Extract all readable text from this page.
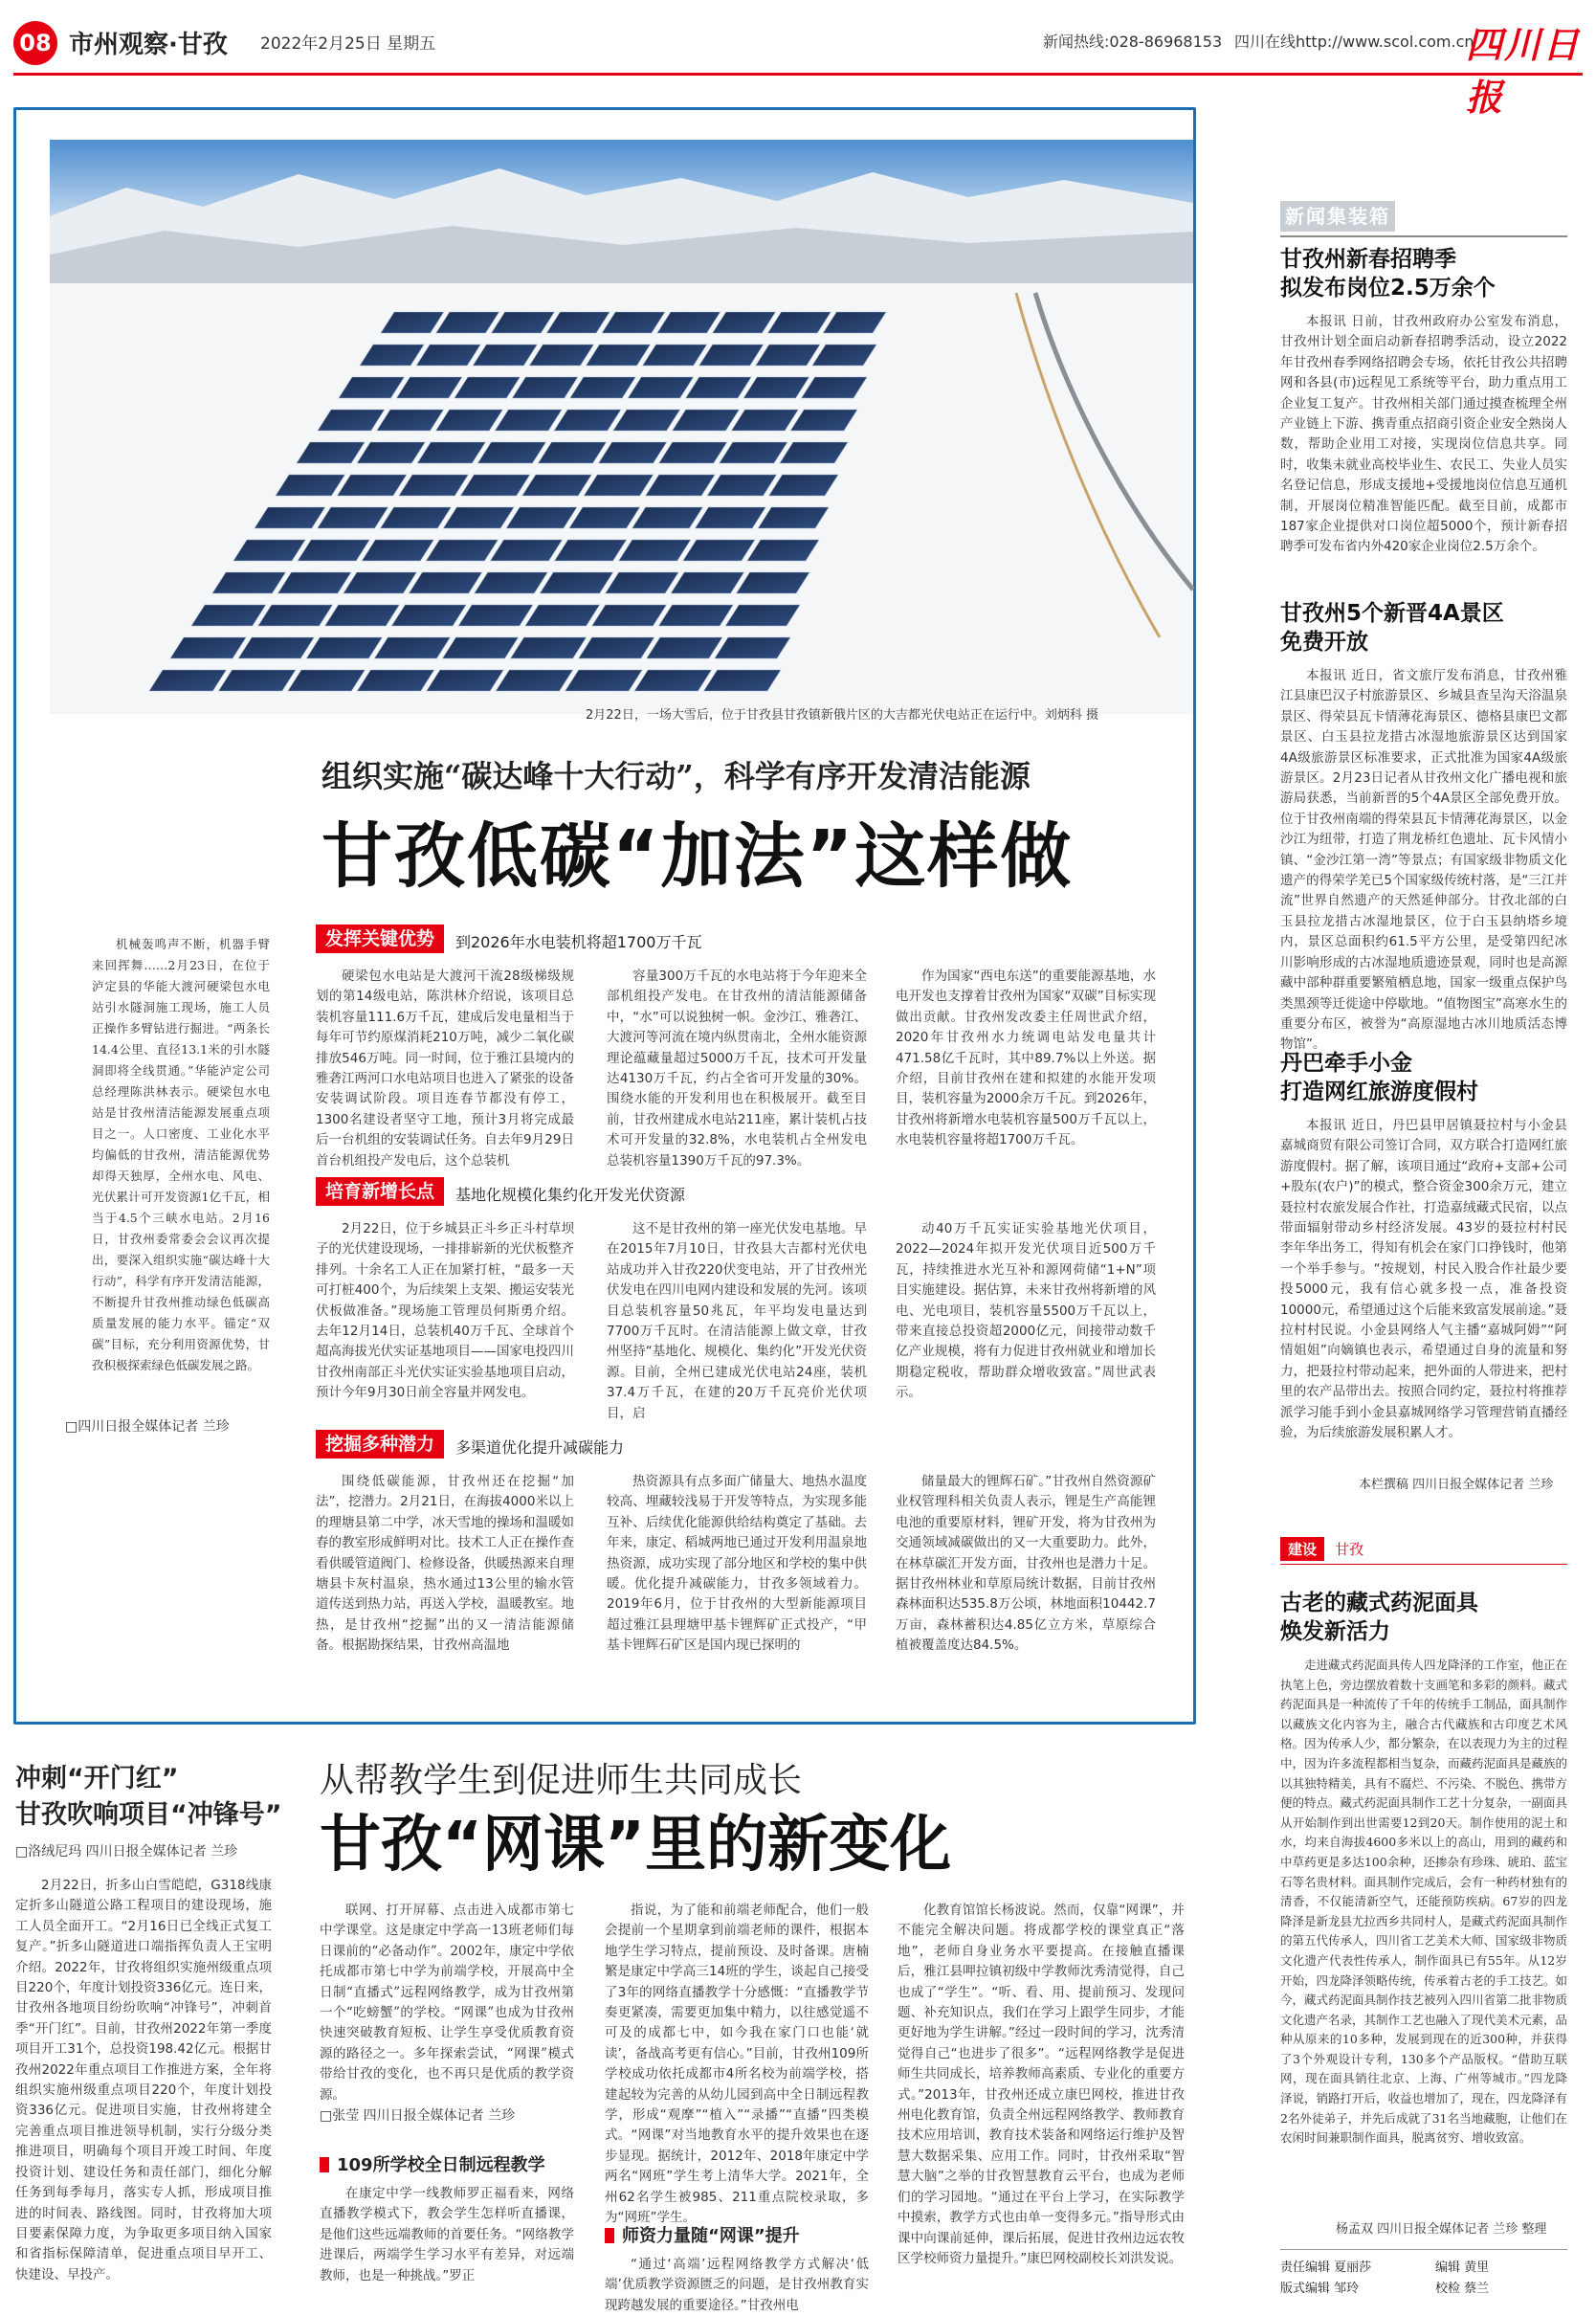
08 市州观察·甘孜 2022年2月25日 星期五	新闻热线:028-86968153 四川在线http://www.scol.com.cn
四川日报
2月22日，一场大雪后，位于甘孜县甘孜镇新俄片区的大吉都光伏电站正在运行中。刘炳科 摄
组织实施“碳达峰十大行动”，科学有序开发清洁能源
甘孜低碳“加法”这样做
机械轰鸣声不断，机器手臂来回挥舞……2月23日，在位于泸定县的华能大渡河硬梁包水电站引水隧洞施工现场，施工人员正操作多臂钻进行掘进。“两条长14.4公里、直径13.1米的引水隧洞即将全线贯通。”华能泸定公司总经理陈洪林表示。硬梁包水电站是甘孜州清洁能源发展重点项目之一。人口密度、工业化水平均偏低的甘孜州，清洁能源优势却得天独厚，全州水电、风电、光伏累计可开发资源1亿千瓦，相当于4.5个三峡水电站。2月16日，甘孜州委常委会会议再次提出，要深入组织实施“碳达峰十大行动”，科学有序开发清洁能源，不断提升甘孜州推动绿色低碳高质量发展的能力水平。锚定“双碳”目标，充分利用资源优势，甘孜积极探索绿色低碳发展之路。
□四川日报全媒体记者 兰珍
发挥关键优势	到2026年水电装机将超1700万千瓦
硬梁包水电站是大渡河干流28级梯级规划的第14级电站，陈洪林介绍说，该项目总装机容量111.6万千瓦，建成后发电量相当于每年可节约原煤消耗210万吨，减少二氧化碳排放546万吨。同一时间，位于雅江县境内的雅砻江两河口水电站项目也进入了紧张的设备安装调试阶段。项目连春节都没有停工，1300名建设者坚守工地，预计3月将完成最后一台机组的安装调试任务。自去年9月29日首台机组投产发电后，这个总装机
容量300万千瓦的水电站将于今年迎来全部机组投产发电。在甘孜州的清洁能源储备中，“水”可以说独树一帜。金沙江、雅砻江、大渡河等河流在境内纵贯南北，全州水能资源理论蕴藏量超过5000万千瓦，技术可开发量达4130万千瓦，约占全省可开发量的30%。围绕水能的开发利用也在积极展开。截至目前，甘孜州建成水电站211座，累计装机占技术可开发量的32.8%，水电装机占全州发电总装机容量1390万千瓦的97.3%。
作为国家“西电东送”的重要能源基地，水电开发也支撑着甘孜州为国家“双碳”目标实现做出贡献。甘孜州发改委主任周世武介绍，2020年甘孜州水力统调电站发电量共计471.58亿千瓦时，其中89.7%以上外送。据介绍，目前甘孜州在建和拟建的水能开发项目，装机容量为2000余万千瓦。到2026年，甘孜州将新增水电装机容量500万千瓦以上，水电装机容量将超1700万千瓦。
培育新增长点	基地化规模化集约化开发光伏资源
2月22日，位于乡城县正斗乡正斗村草坝子的光伏建设现场，一排排崭新的光伏板整齐排列。十余名工人正在加紧打桩，“最多一天可打桩400个，为后续架上支架、搬运安装光伏板做准备。”现场施工管理员何斯勇介绍。去年12月14日，总装机40万千瓦、全球首个超高海拔光伏实证基地项目——国家电投四川甘孜州南部正斗光伏实证实验基地项目启动，预计今年9月30日前全容量并网发电。
这不是甘孜州的第一座光伏发电基地。早在2015年7月10日，甘孜县大吉都村光伏电站成功并入甘孜220伏变电站，开了甘孜州光伏发电在四川电网内建设和发展的先河。该项目总装机容量50兆瓦，年平均发电量达到7700万千瓦时。在清洁能源上做文章，甘孜州坚持“基地化、规模化、集约化”开发光伏资源。目前，全州已建成光伏电站24座，装机37.4万千瓦，在建的20万千瓦亮价光伏项目，启
动40万千瓦实证实验基地光伏项目，2022—2024年拟开发光伏项目近500万千瓦，持续推进水光互补和源网荷储“1+N”项目实施建设。据估算，未来甘孜州将新增的风电、光电项目，装机容量5500万千瓦以上，带来直接总投资超2000亿元，间接带动数千亿产业规模，将有力促进甘孜州就业和增加长期稳定税收，帮助群众增收致富。”周世武表示。
挖掘多种潜力	多渠道优化提升减碳能力
围绕低碳能源，甘孜州还在挖掘“加法”，挖潜力。2月21日，在海拔4000米以上的理塘县第二中学，冰天雪地的操场和温暖如春的教室形成鲜明对比。技术工人正在操作查看供暖管道阀门、检修设备，供暖热源来自理塘县卡灰村温泉，热水通过13公里的输水管道传送到热力站，再送入学校，温暖教室。地热，是甘孜州“挖掘”出的又一清洁能源储备。根据勘探结果，甘孜州高温地
热资源具有点多面广储量大、地热水温度较高、埋藏较浅易于开发等特点，为实现多能互补、后续优化能源供给结构奠定了基础。去年来，康定、稻城两地已通过开发利用温泉地热资源，成功实现了部分地区和学校的集中供暖。优化提升减碳能力，甘孜多领域着力。2019年6月，位于甘孜州的大型新能源项目超过雅江县理塘甲基卡锂辉矿正式投产，“甲基卡锂辉石矿区是国内现已探明的
储量最大的锂辉石矿。”甘孜州自然资源矿业权管理科相关负责人表示，锂是生产高能锂电池的重要原材料，锂矿开发，将为甘孜州为交通领域减碳做出的又一大重要助力。此外，在林草碳汇开发方面，甘孜州也是潜力十足。据甘孜州林业和草原局统计数据，目前甘孜州森林面积达535.8万公顷，林地面积10442.7万亩，森林蓄积达4.85亿立方米，草原综合植被覆盖度达84.5%。
冲刺“开门红”
甘孜吹响项目“冲锋号”
□洛绒尼玛 四川日报全媒体记者 兰珍
2月22日，折多山白雪皑皑，G318线康定折多山隧道公路工程项目的建设现场，施工人员全面开工。“2月16日已全线正式复工复产。”折多山隧道进口端指挥负责人王宝明介绍。2022年，甘孜将组织实施州级重点项目220个，年度计划投资336亿元。连日来，甘孜州各地项目纷纷吹响“冲锋号”，冲刺首季“开门红”。目前，甘孜州2022年第一季度项目开工31个，总投资198.42亿元。根据甘孜州2022年重点项目工作推进方案，全年将组织实施州级重点项目220个，年度计划投资336亿元。促进项目实施，甘孜州将建全完善重点项目推进领导机制，实行分级分类推进项目，明确每个项目开竣工时间、年度投资计划、建设任务和责任部门，细化分解任务到每季每月，落实专人抓，形成项目推进的时间表、路线图。同时，甘孜将加大项目要素保障力度，为争取更多项目纳入国家和省指标保障清单，促进重点项目早开工、快建设、早投产。
从帮教学生到促进师生共同成长
甘孜“网课”里的新变化
联网、打开屏幕、点击进入成都市第七中学课堂。这是康定中学高一13班老师们每日课前的“必备动作”。2002年，康定中学依托成都市第七中学为前端学校，开展高中全日制“直播式”远程网络教学，成为甘孜州第一个“吃螃蟹”的学校。“网课”也成为甘孜州快速突破教育短板、让学生享受优质教育资源的路径之一。多年探索尝试，“网课”模式带给甘孜的变化，也不再只是优质的教学资源。
□张莹 四川日报全媒体记者 兰珍
109所学校全日制远程教学
在康定中学一线教师罗正福看来，网络直播教学模式下，教会学生怎样听直播课，是他们这些远端教师的首要任务。“网络教学进课后，两端学生学习水平有差异，对远端教师，也是一种挑战。”罗正
指说，为了能和前端老师配合，他们一般会提前一个星期拿到前端老师的课件，根据本地学生学习特点，提前预设、及时备课。唐楠繁是康定中学高三14班的学生，谈起自己接受了3年的网络直播教学十分感慨：“直播教学节奏更紧凑，需要更加集中精力，以往感觉遥不可及的成都七中，如今我在家门口也能‘就读’，备战高考更有信心。”目前，甘孜州109所学校成功依托成都市4所名校为前端学校，搭建起较为完善的从幼儿园到高中全日制远程教学，形成“观摩”“植入”“录播”“直播”四类模式。“网课”对当地教育水平的提升效果也在逐步显现。据统计，2012年、2018年康定中学两名“网班”学生考上清华大学。2021年，全州62名学生被985、211重点院校录取，多为“网班”学生。
师资力量随“网课”提升
“通过‘高端’远程网络教学方式解决‘低端’优质教学资源匮乏的问题，是甘孜州教育实现跨越发展的重要途径。”甘孜州电
化教育馆馆长杨波说。然而，仅靠“网课”，并不能完全解决问题。将成都学校的课堂真正“落地”，老师自身业务水平要提高。在接触直播课后，雅江县呷拉镇初级中学教师沈秀清觉得，自己也成了“学生”。“听、看、用、提前预习、发现问题、补充知识点，我们在学习上跟学生同步，才能更好地为学生讲解。”经过一段时间的学习，沈秀清觉得自己“也进步了很多”。“远程网络教学是促进师生共同成长，培养教师高素质、专业化的重要方式。”2013年，甘孜州还成立康巴网校，推进甘孜州电化教育馆，负责全州远程网络教学、教师教育技术应用培训，教育技术装备和网络运行维护及智慧大数据采集、应用工作。同时，甘孜州采取“智慧大脑”之举的甘孜智慧教育云平台，也成为老师们的学习园地。“通过在平台上学习，在实际教学中摸索，教学方式也由单一变得多元。”指导形式由课中向课前延伸，课后拓展，促进甘孜州边远农牧区学校师资力量提升。”康巴网校副校长刘洪发说。
新闻集装箱
甘孜州新春招聘季
拟发布岗位2.5万余个
本报讯 日前，甘孜州政府办公室发布消息，甘孜州计划全面启动新春招聘季活动，设立2022年甘孜州春季网络招聘会专场，依托甘孜公共招聘网和各县(市)远程见工系统等平台，助力重点用工企业复工复产。甘孜州相关部门通过摸查梳理全州产业链上下游、携青重点招商引资企业安全熟岗人数，帮助企业用工对接，实现岗位信息共享。同时，收集未就业高校毕业生、农民工、失业人员实名登记信息，形成支援地+受援地岗位信息互通机制，开展岗位精准智能匹配。截至目前，成都市187家企业提供对口岗位超5000个，预计新春招聘季可发布省内外420家企业岗位2.5万余个。
甘孜州5个新晋4A景区
免费开放
本报讯 近日，省文旅厅发布消息，甘孜州雅江县康巴汉子村旅游景区、乡城县查呈沟天浴温泉景区、得荣县瓦卡情薄花海景区、德格县康巴文都景区、白玉县拉龙措古冰湿地旅游景区达到国家4A级旅游景区标准要求，正式批准为国家4A级旅游景区。2月23日记者从甘孜州文化广播电视和旅游局获悉，当前新晋的5个4A景区全部免费开放。位于甘孜州南端的得荣县瓦卡情薄花海景区，以金沙江为纽带，打造了荆龙桥红色遗址、瓦卡风情小镇、“金沙江第一湾”等景点；有国家级非物质文化遗产的得荣学羌已5个国家级传统村落，是“三江并流”世界自然遗产的天然延伸部分。甘孜北部的白玉县拉龙措古冰湿地景区，位于白玉县纳塔乡境内，景区总面积约61.5平方公里，是受第四纪冰川影响形成的古冰湿地质遗迹景观，同时也是高源藏中部种群重要繁殖栖息地，国家一级重点保护鸟类黑颈等迁徙途中停歇地。“值物图宝”高寒水生的重要分布区，被誉为“高原湿地古冰川地质活态博物馆”。
丹巴牵手小金
打造网红旅游度假村
本报讯 近日，丹巴县甲居镇聂拉村与小金县嘉城商贸有限公司签订合同，双方联合打造网红旅游度假村。据了解，该项目通过“政府+支部+公司+股东(农户)”的模式，整合资金300余万元，建立聂拉村农旅发展合作社，打造嘉绒藏式民宿，以点带面辐射带动乡村经济发展。43岁的聂拉村村民李年华出务工，得知有机会在家门口挣钱时，他第一个举手参与。“按规划，村民入股合作社最少要投5000元，我有信心就多投一点，准备投资10000元，希望通过这个后能来致富发展前途。”聂拉村村民说。小金县网络人气主播“嘉城阿姆”“阿情姐姐”向嫡镇也表示，希望通过自身的流量和努力，把聂拉村带动起来，把外面的人带进来，把村里的农产品带出去。按照合同约定，聂拉村将推荐派学习能手到小金县嘉城网络学习管理营销直播经验，为后续旅游发展积累人才。
本栏撰稿 四川日报全媒体记者 兰珍
建设 甘孜
古老的藏式药泥面具
焕发新活力
走进藏式药泥面具传人四龙降泽的工作室，他正在执笔上色，旁边摆放着数十支画笔和多彩的颜料。藏式药泥面具是一种流传了千年的传统手工制品，面具制作以藏族文化内容为主，融合古代藏族和古印度艺术风格。因为传承人少，都分繁杂，在以表现力为主的过程中，因为许多流程都相当复杂，而藏药泥面具是藏族的以其独特精美，具有不腐烂、不污染、不脱色、携带方便的特点。藏式药泥面具制作工艺十分复杂，一副面具从开始制作到出世需要12到20天。制作使用的泥土和水，均来自海拔4600多米以上的高山，用到的藏药和中草药更是多达100余种，还掺杂有珍珠、琥珀、蓝宝石等名贵材料。面具制作完成后，会有一种药材独有的清香，不仅能清新空气，还能预防疾病。67岁的四龙降泽是新龙县尤拉西乡共同村人，是藏式药泥面具制作的第五代传承人，四川省工艺美术大师、国家级非物质文化遗产代表性传承人，制作面具已有55年。从12岁开始，四龙降泽领略传统，传承着古老的手工技艺。如今，藏式药泥面具制作技艺被列入四川省第二批非物质文化遗产名录，其制作工艺也融入了现代美术元素，品种从原来的10多种，发展到现在的近300种，并获得了3个外观设计专利，130多个产品版权。“借助互联网，现在面具销往北京、上海、广州等城市。”四龙降泽说，销路打开后，收益也增加了，现在，四龙降泽有2名外徒弟子，并先后成就了31名当地藏胞，让他们在农闲时间兼职制作面具，脱离贫穷、增收致富。
杨孟双 四川日报全媒体记者 兰珍 整理
责任编辑 夏丽莎	编辑 黄里
版式编辑 邹玲	校检 蔡兰
